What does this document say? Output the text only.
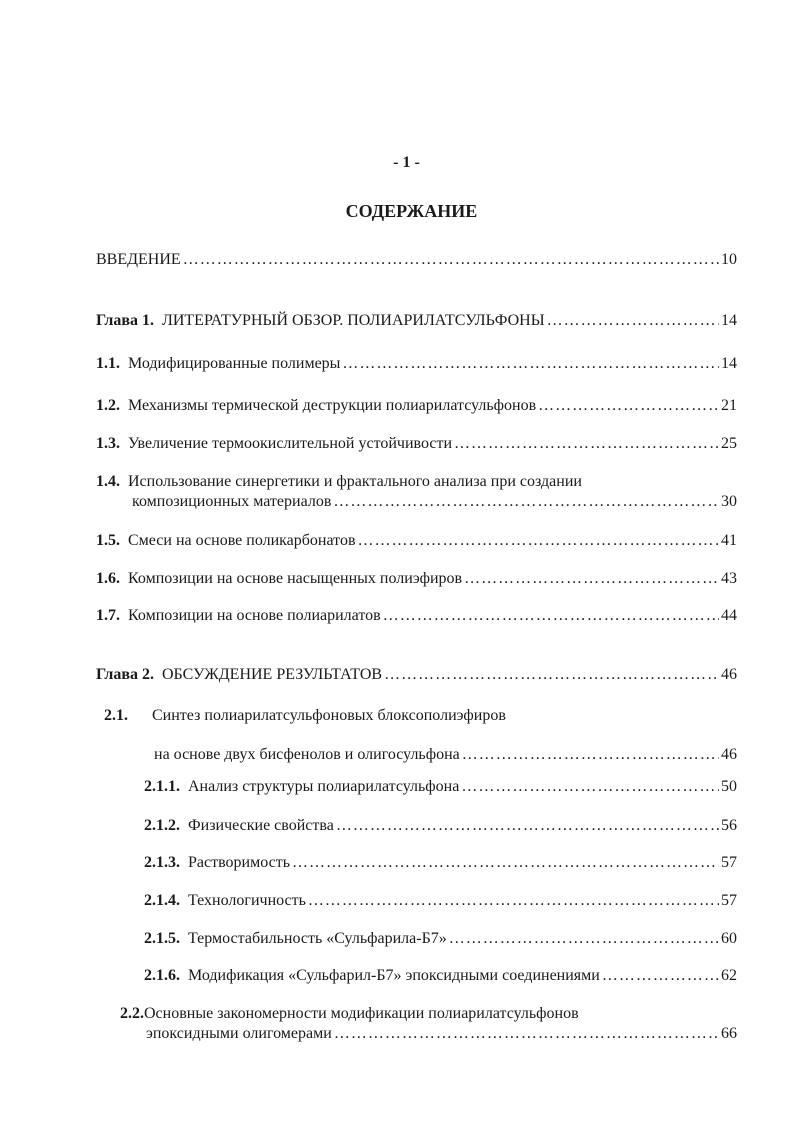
- 1 -
СОДЕРЖАНИЕ
ВВЕДЕНИЕ …………………………………………………………………………………………………………………………………………………………………………………………	10
Глава 1. ЛИТЕРАТУРНЫЙ ОБЗОР. ПОЛИАРИЛАТСУЛЬФОНЫ …………………………………………………………………………………………………………………………………………………………………………………………	14
1.1. Модифицированные полимеры …………………………………………………………………………………………………………………………………………………………………………………………	14
1.2. Механизмы термической деструкции полиарилатсульфонов …………………………………………………………………………………………………………………………………………………………………………………………	21
1.3. Увеличение термоокислительной устойчивости …………………………………………………………………………………………………………………………………………………………………………………………	25
1.4. Использование синергетики и фрактального анализа при создании
композиционных материалов …………………………………………………………………………………………………………………………………………………………………………………………	30
1.5. Смеси на основе поликарбонатов …………………………………………………………………………………………………………………………………………………………………………………………	41
1.6. Композиции на основе насыщенных полиэфиров …………………………………………………………………………………………………………………………………………………………………………………………	43
1.7. Композиции на основе полиарилатов …………………………………………………………………………………………………………………………………………………………………………………………	44
Глава 2. ОБСУЖДЕНИЕ РЕЗУЛЬТАТОВ …………………………………………………………………………………………………………………………………………………………………………………………	46
2.1. Синтез полиарилатсульфоновых блоксополиэфиров
на основе двух бисфенолов и олигосульфона …………………………………………………………………………………………………………………………………………………………………………………………	46
2.1.1. Анализ структуры полиарилатсульфона …………………………………………………………………………………………………………………………………………………………………………………………	50
2.1.2. Физические свойства …………………………………………………………………………………………………………………………………………………………………………………………	56
2.1.3. Растворимость …………………………………………………………………………………………………………………………………………………………………………………………	57
2.1.4. Технологичность …………………………………………………………………………………………………………………………………………………………………………………………	57
2.1.5. Термостабильность «Сульфарила-Б7» …………………………………………………………………………………………………………………………………………………………………………………………	60
2.1.6. Модификация «Сульфарил-Б7» эпоксидными соединениями …………………………………………………………………………………………………………………………………………………………………………………………	62
2.2. Основные закономерности модификации полиарилатсульфонов
эпоксидными олигомерами …………………………………………………………………………………………………………………………………………………………………………………………	66
